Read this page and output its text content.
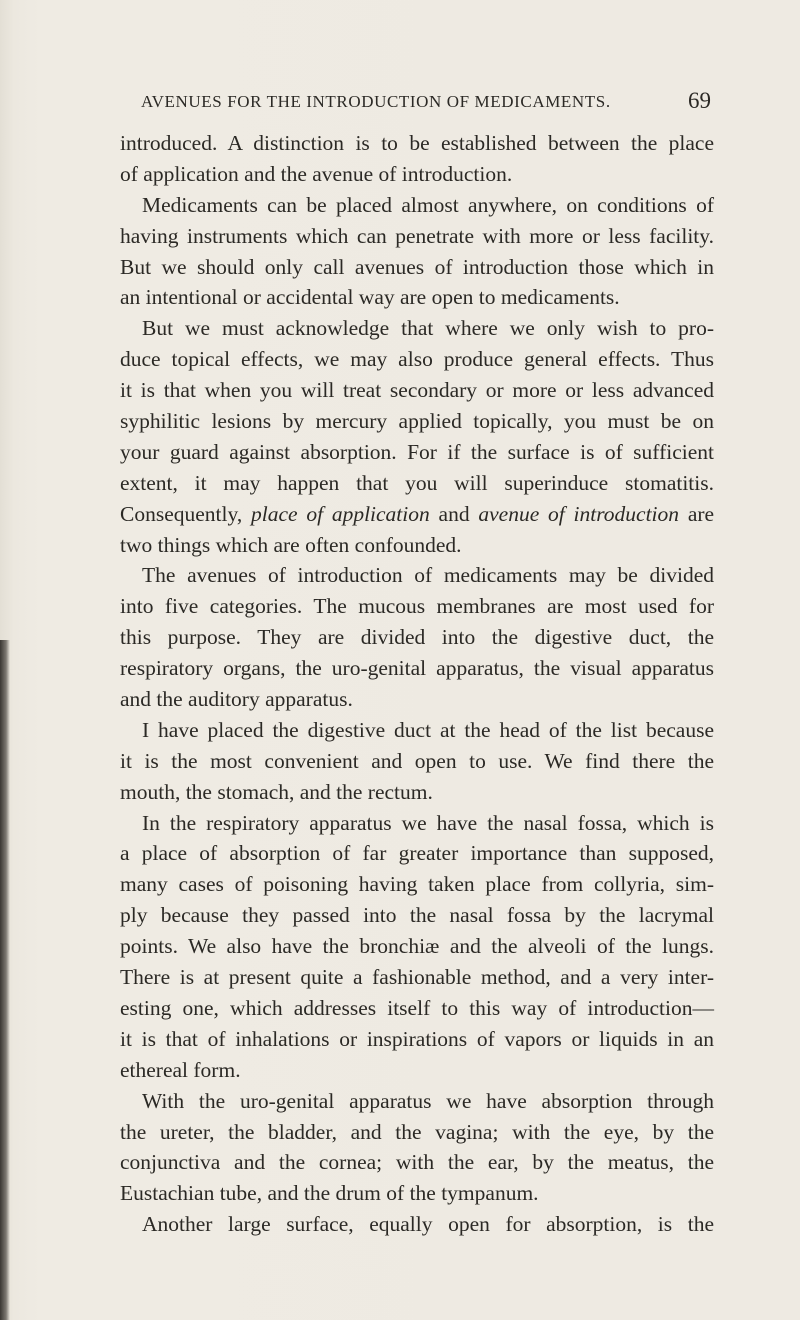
AVENUES FOR THE INTRODUCTION OF MEDICAMENTS.	69
introduced. A distinction is to be established between the place
of application and the avenue of introduction.
Medicaments can be placed almost anywhere, on conditions of
having instruments which can penetrate with more or less facility.
But we should only call avenues of introduction those which in
an intentional or accidental way are open to medicaments.
But we must acknowledge that where we only wish to pro-
duce topical effects, we may also produce general effects. Thus
it is that when you will treat secondary or more or less advanced
syphilitic lesions by mercury applied topically, you must be on
your guard against absorption. For if the surface is of sufficient
extent, it may happen that you will superinduce stomatitis.
Consequently, place of application and avenue of introduction are
two things which are often confounded.
The avenues of introduction of medicaments may be divided
into five categories. The mucous membranes are most used for
this purpose. They are divided into the digestive duct, the
respiratory organs, the uro-genital apparatus, the visual apparatus
and the auditory apparatus.
I have placed the digestive duct at the head of the list because
it is the most convenient and open to use. We find there the
mouth, the stomach, and the rectum.
In the respiratory apparatus we have the nasal fossa, which is
a place of absorption of far greater importance than supposed,
many cases of poisoning having taken place from collyria, sim-
ply because they passed into the nasal fossa by the lacrymal
points. We also have the bronchiæ and the alveoli of the lungs.
There is at present quite a fashionable method, and a very inter-
esting one, which addresses itself to this way of introduction—
it is that of inhalations or inspirations of vapors or liquids in an
ethereal form.
With the uro-genital apparatus we have absorption through
the ureter, the bladder, and the vagina; with the eye, by the
conjunctiva and the cornea; with the ear, by the meatus, the
Eustachian tube, and the drum of the tympanum.
Another large surface, equally open for absorption, is the
